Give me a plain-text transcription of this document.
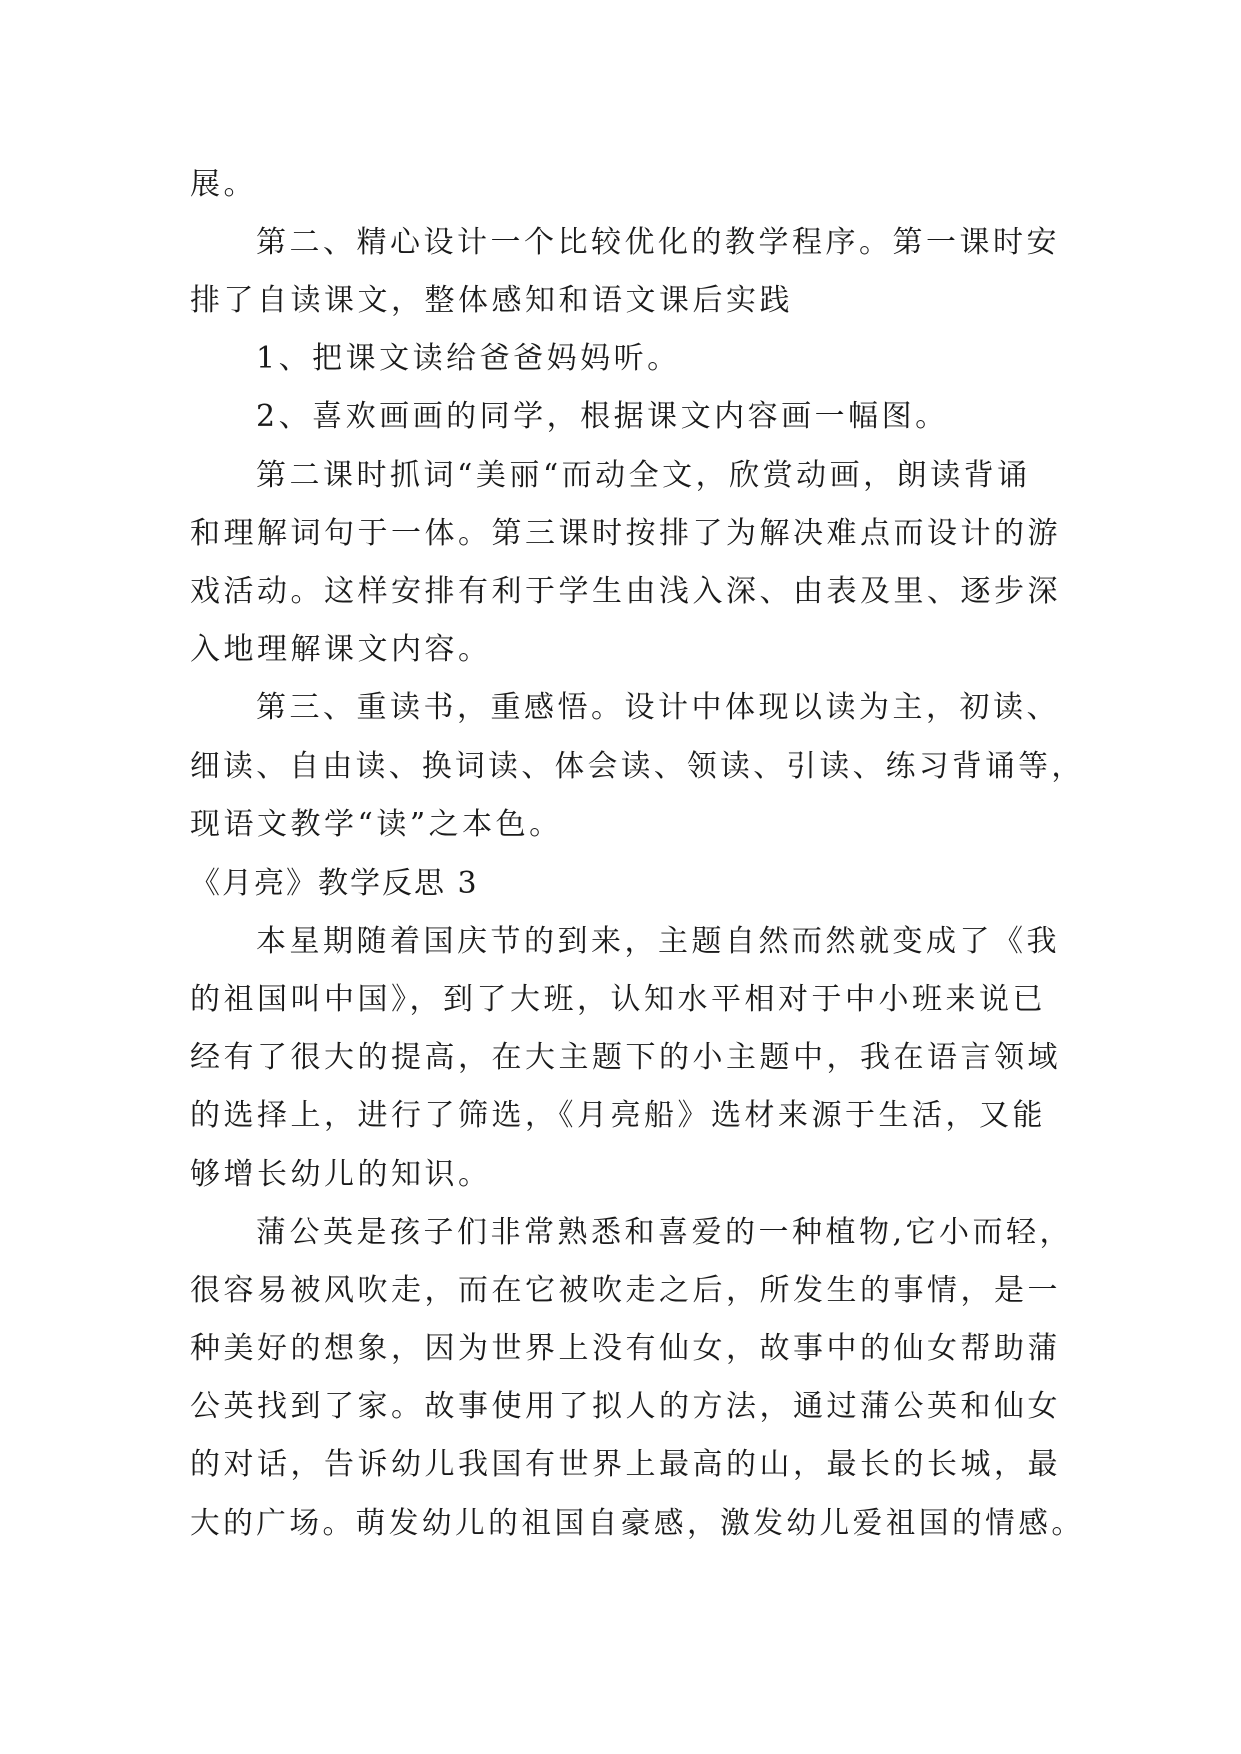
展。
第二、精心设计一个比较优化的教学程序。第一课时安
排了自读课文，整体感知和语文课后实践
1、把课文读给爸爸妈妈听。
2、喜欢画画的同学，根据课文内容画一幅图。
第二课时抓词“美丽“而动全文，欣赏动画，朗读背诵
和理解词句于一体。第三课时按排了为解决难点而设计的游
戏活动。这样安排有利于学生由浅入深、由表及里、逐步深
入地理解课文内容。
第三、重读书，重感悟。设计中体现以读为主，初读、
细读、自由读、换词读、体会读、领读、引读、练习背诵等，
现语文教学“读”之本色。
《月亮》教学反思 3
本星期随着国庆节的到来，主题自然而然就变成了《我
的祖国叫中国》，到了大班，认知水平相对于中小班来说已
经有了很大的提高，在大主题下的小主题中，我在语言领域
的选择上，进行了筛选，《月亮船》选材来源于生活，又能
够增长幼儿的知识。
蒲公英是孩子们非常熟悉和喜爱的一种植物,它小而轻，
很容易被风吹走，而在它被吹走之后，所发生的事情，是一
种美好的想象，因为世界上没有仙女，故事中的仙女帮助蒲
公英找到了家。故事使用了拟人的方法，通过蒲公英和仙女
的对话，告诉幼儿我国有世界上最高的山，最长的长城，最
大的广场。萌发幼儿的祖国自豪感，激发幼儿爱祖国的情感。
